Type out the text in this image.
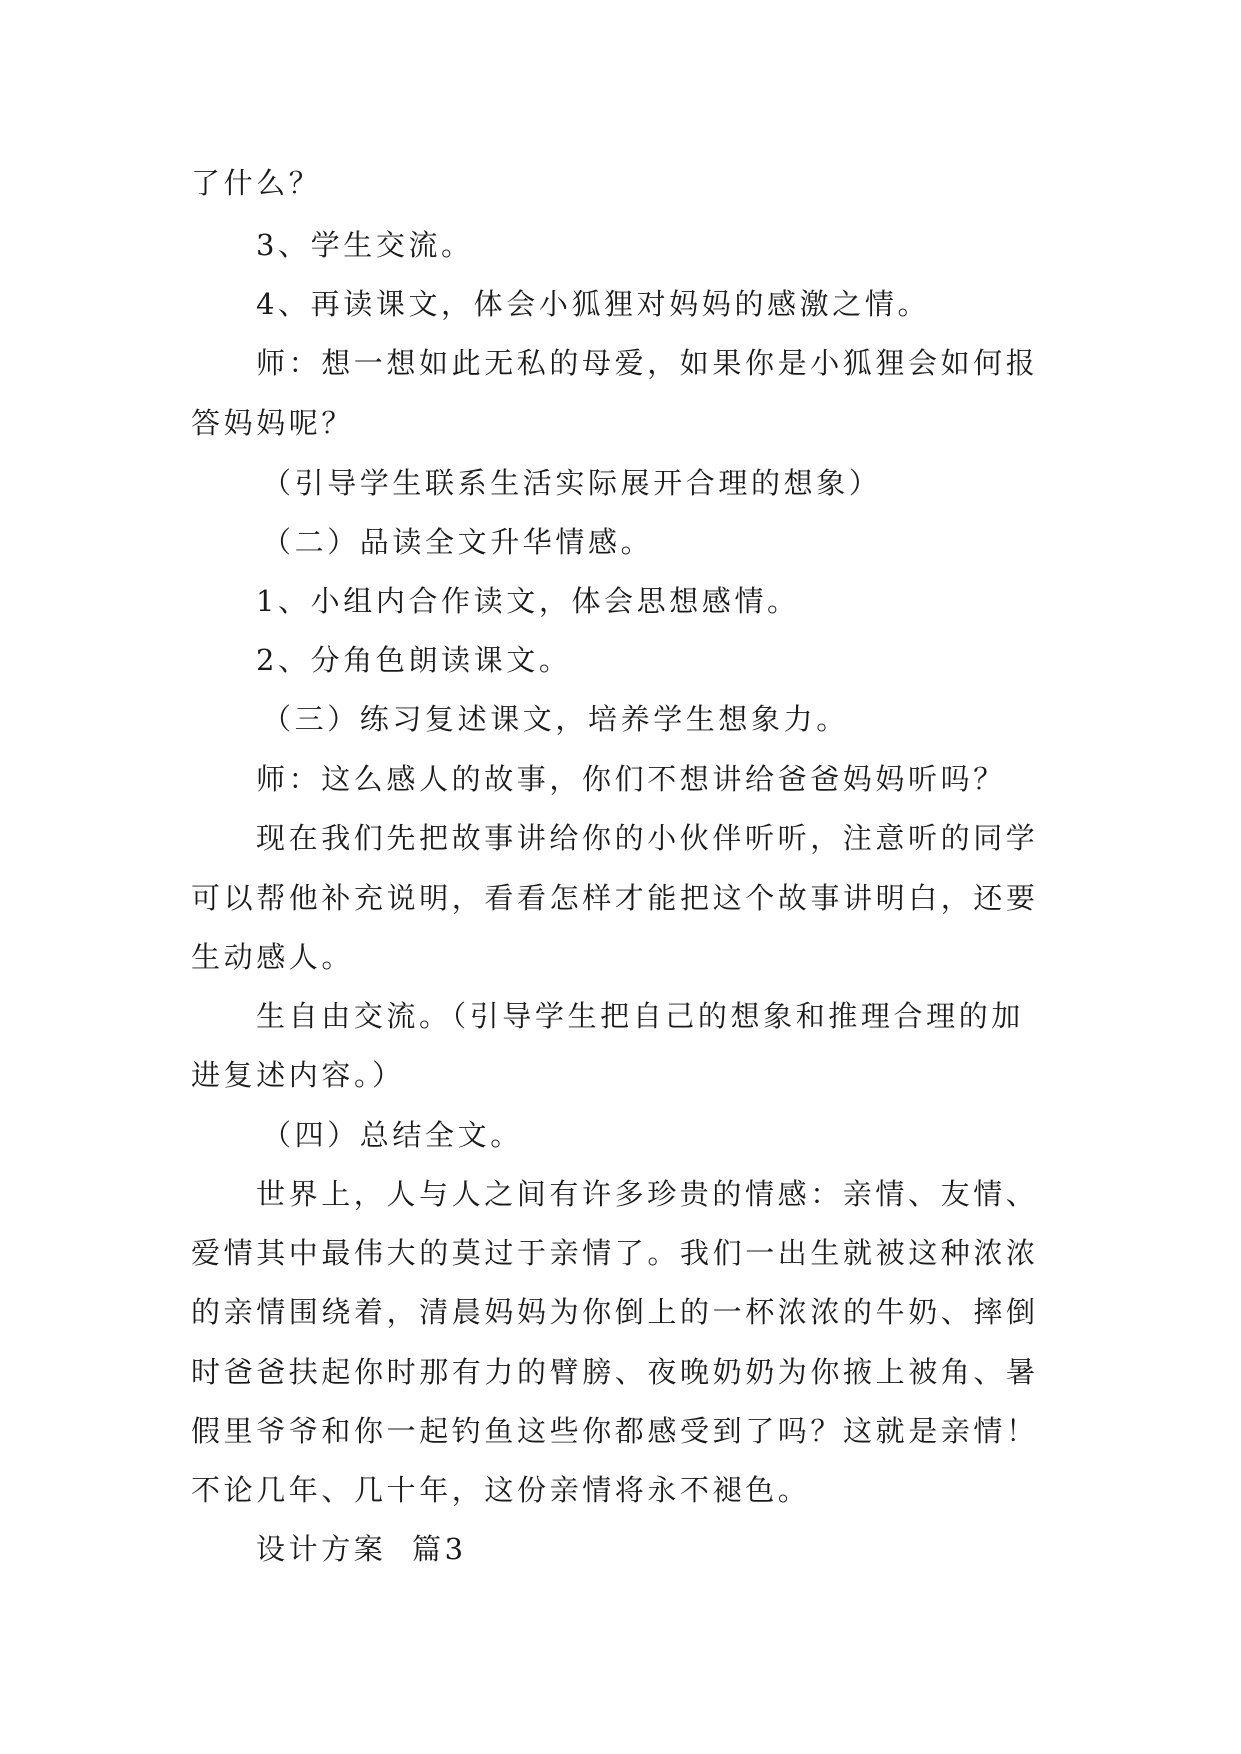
了什么？
3、学生交流。
4、再读课文，体会小狐狸对妈妈的感激之情。
师：想一想如此无私的母爱，如果你是小狐狸会如何报
答妈妈呢？
（引导学生联系生活实际展开合理的想象）
（二）品读全文升华情感。
1、小组内合作读文，体会思想感情。
2、分角色朗读课文。
（三）练习复述课文，培养学生想象力。
师：这么感人的故事，你们不想讲给爸爸妈妈听吗？
现在我们先把故事讲给你的小伙伴听听，注意听的同学
可以帮他补充说明，看看怎样才能把这个故事讲明白，还要
生动感人。
生自由交流。（引导学生把自己的想象和推理合理的加
进复述内容。）
（四）总结全文。
世界上，人与人之间有许多珍贵的情感：亲情、友情、
爱情其中最伟大的莫过于亲情了。我们一出生就被这种浓浓
的亲情围绕着，清晨妈妈为你倒上的一杯浓浓的牛奶、摔倒
时爸爸扶起你时那有力的臂膀、夜晚奶奶为你掖上被角、暑
假里爷爷和你一起钓鱼这些你都感受到了吗？这就是亲情！
不论几年、几十年，这份亲情将永不褪色。
设计方案  篇3
